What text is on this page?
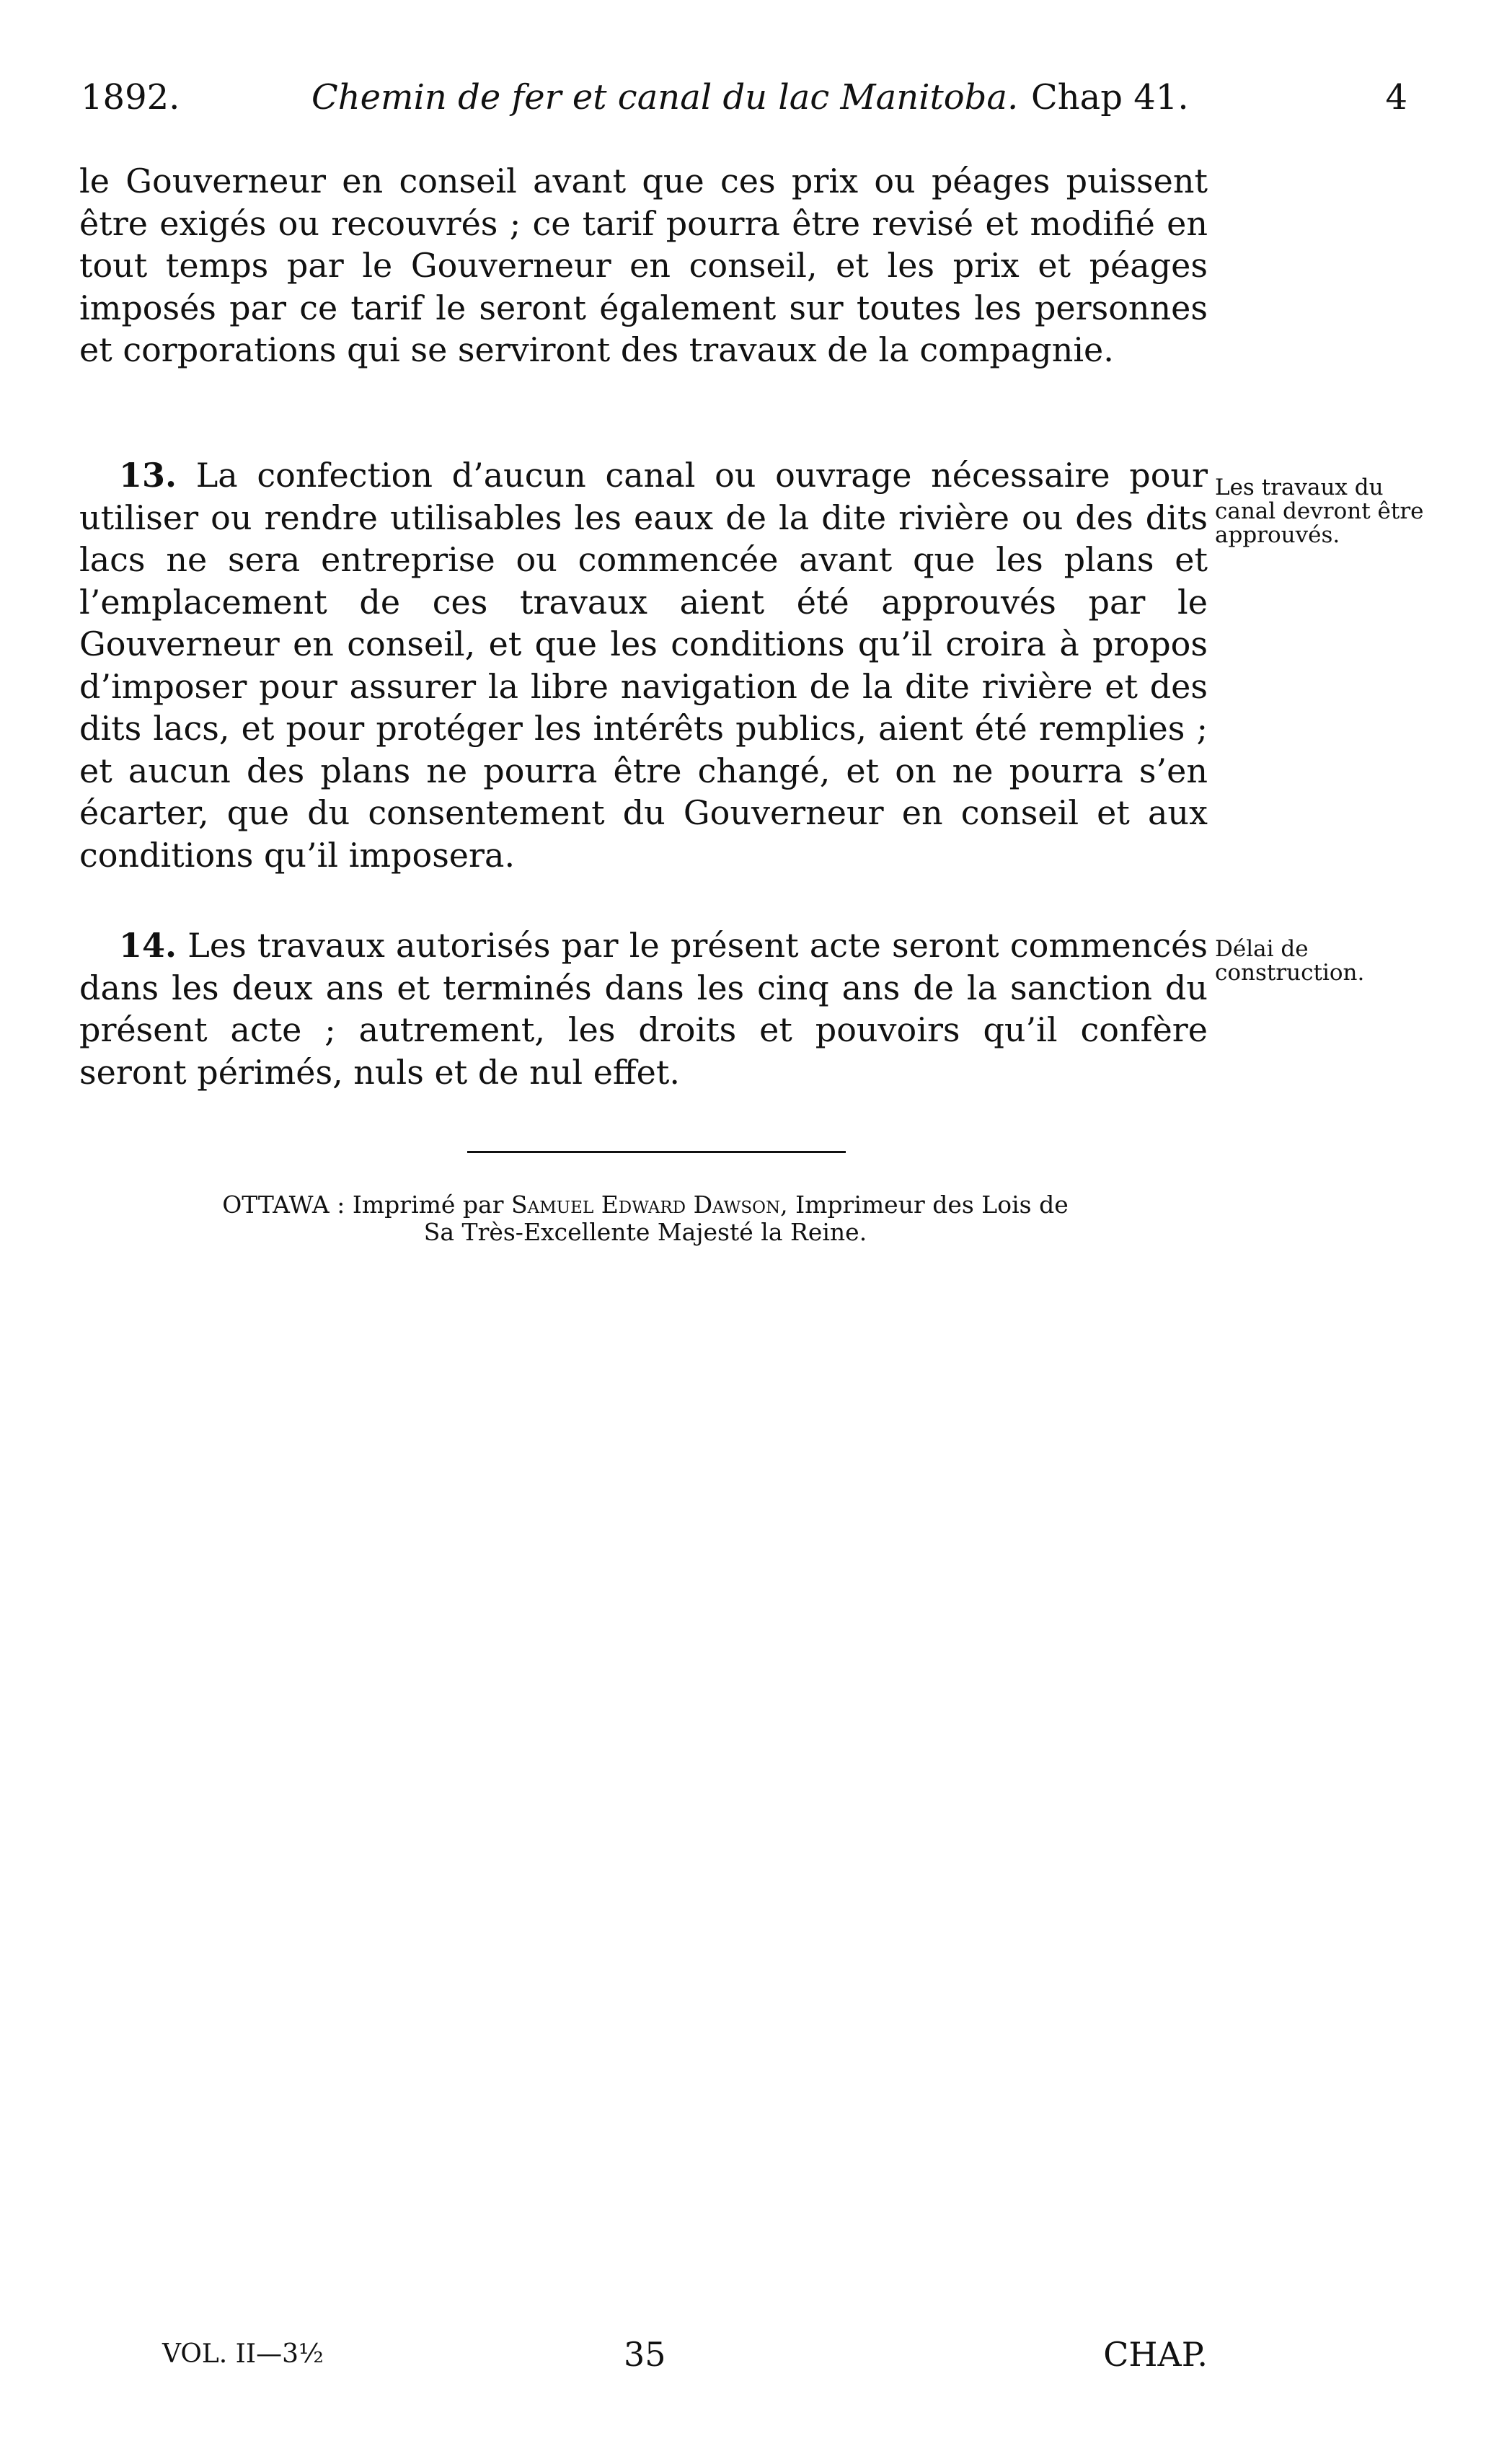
1892.	Chemin de fer et canal du lac Manitoba. Chap 41.	4

le Gouverneur en conseil avant que ces prix ou péages puissent être exigés ou recouvrés ; ce tarif pourra être revisé et modifié en tout temps par le Gouverneur en conseil, et les prix et péages imposés par ce tarif le seront également sur toutes les personnes et corporations qui se serviront des travaux de la compagnie.

13. La confection d’aucun canal ou ouvrage nécessaire pour utiliser ou rendre utilisables les eaux de la dite rivière ou des dits lacs ne sera entreprise ou commencée avant que les plans et l’emplacement de ces travaux aient été approuvés par le Gouverneur en conseil, et que les conditions qu’il croira à propos d’imposer pour assurer la libre navigation de la dite rivière et des dits lacs, et pour protéger les intérêts publics, aient été remplies ; et aucun des plans ne pourra être changé, et on ne pourra s’en écarter, que du consentement du Gouverneur en conseil et aux conditions qu’il imposera.

Les travaux du canal devront être approuvés.

14. Les travaux autorisés par le présent acte seront commencés dans les deux ans et terminés dans les cinq ans de la sanction du présent acte ; autrement, les droits et pouvoirs qu’il confère seront périmés, nuls et de nul effet.

Délai de construction.
OTTAWA : Imprimé par Samuel Edward Dawson, Imprimeur des Lois de
Sa Très-Excellente Majesté la Reine.
VOL. II—3½	35	CHAP.
